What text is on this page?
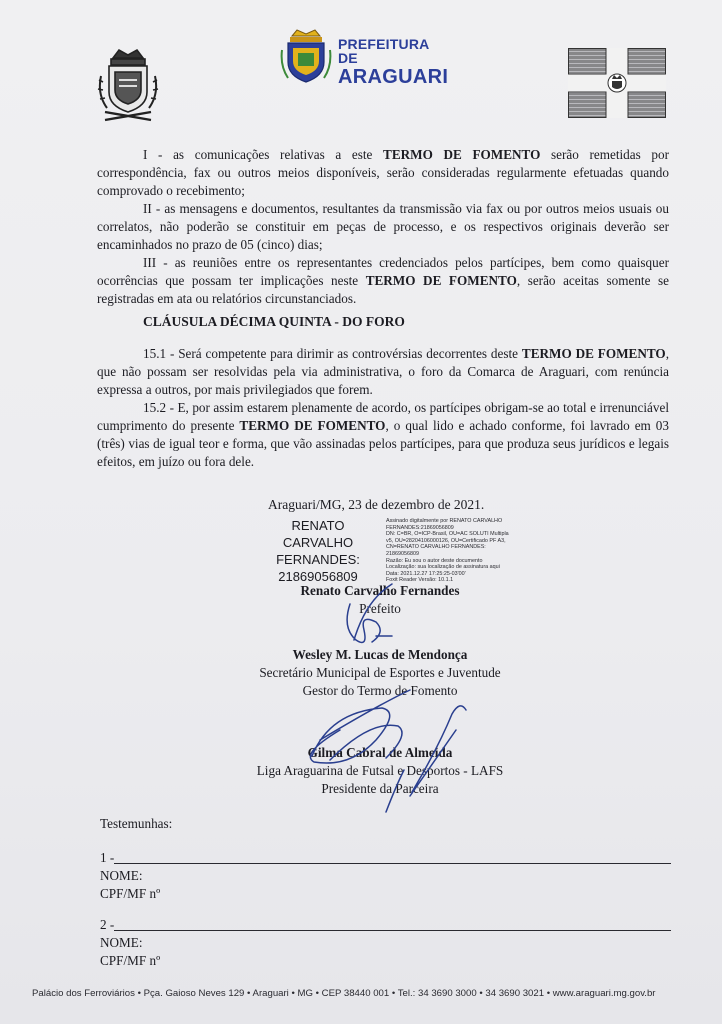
PREFEITURA DE
ARAGUARI

I - as comunicações relativas a este TERMO DE FOMENTO serão remetidas por correspondência, fax ou outros meios disponíveis, serão consideradas regularmente efetuadas quando comprovado o recebimento;

II - as mensagens e documentos, resultantes da transmissão via fax ou por outros meios usuais ou correlatos, não poderão se constituir em peças de processo, e os respectivos originais deverão ser encaminhados no prazo de 05 (cinco) dias;

III - as reuniões entre os representantes credenciados pelos partícipes, bem como quaisquer ocorrências que possam ter implicações neste TERMO DE FOMENTO, serão aceitas somente se registradas em ata ou relatórios circunstanciados.

CLÁUSULA DÉCIMA QUINTA - DO FORO

15.1 - Será competente para dirimir as controvérsias decorrentes deste TERMO DE FOMENTO, que não possam ser resolvidas pela via administrativa, o foro da Comarca de Araguari, com renúncia expressa a outros, por mais privilegiados que forem.

15.2 - E, por assim estarem plenamente de acordo, os partícipes obrigam-se ao total e irrenunciável cumprimento do presente TERMO DE FOMENTO, o qual lido e achado conforme, foi lavrado em 03 (três) vias de igual teor e forma, que vão assinadas pelos partícipes, para que produza seus jurídicos e legais efeitos, em juízo ou fora dele.

Araguari/MG, 23 de dezembro de 2021.
RENATO
CARVALHO
FERNANDES:
21869056809
Assinado digitalmente por RENATO CARVALHO
FERNANDES:21869056809
DN: C=BR, O=ICP-Brasil, OU=AC SOLUTI Multipla
v5, OU=28204106000126, OU=Certificado PF A3,
CN=RENATO CARVALHO FERNANDES:
21869056809
Razão: Eu sou o autor deste documento
Localização: sua localização de assinatura aqui
Data: 2021.12.27 17:25:25-03'00'
Foxit Reader Versão: 10.1.1
Renato Carvalho Fernandes
Prefeito
Wesley M. Lucas de Mendonça
Secretário Municipal de Esportes e Juventude
Gestor do Termo de Fomento
Gilma Cabral de Almeida
Liga Araguarina de Futsal e Desportos - LAFS
Presidente da Parceira
Testemunhas:
1 -
NOME:
CPF/MF nº
2 -
NOME:
CPF/MF nº
Palácio dos Ferroviários • Pça. Gaioso Neves 129 • Araguari • MG • CEP 38440 001 • Tel.: 34 3690 3000 • 34 3690 3021 • www.araguari.mg.gov.br
